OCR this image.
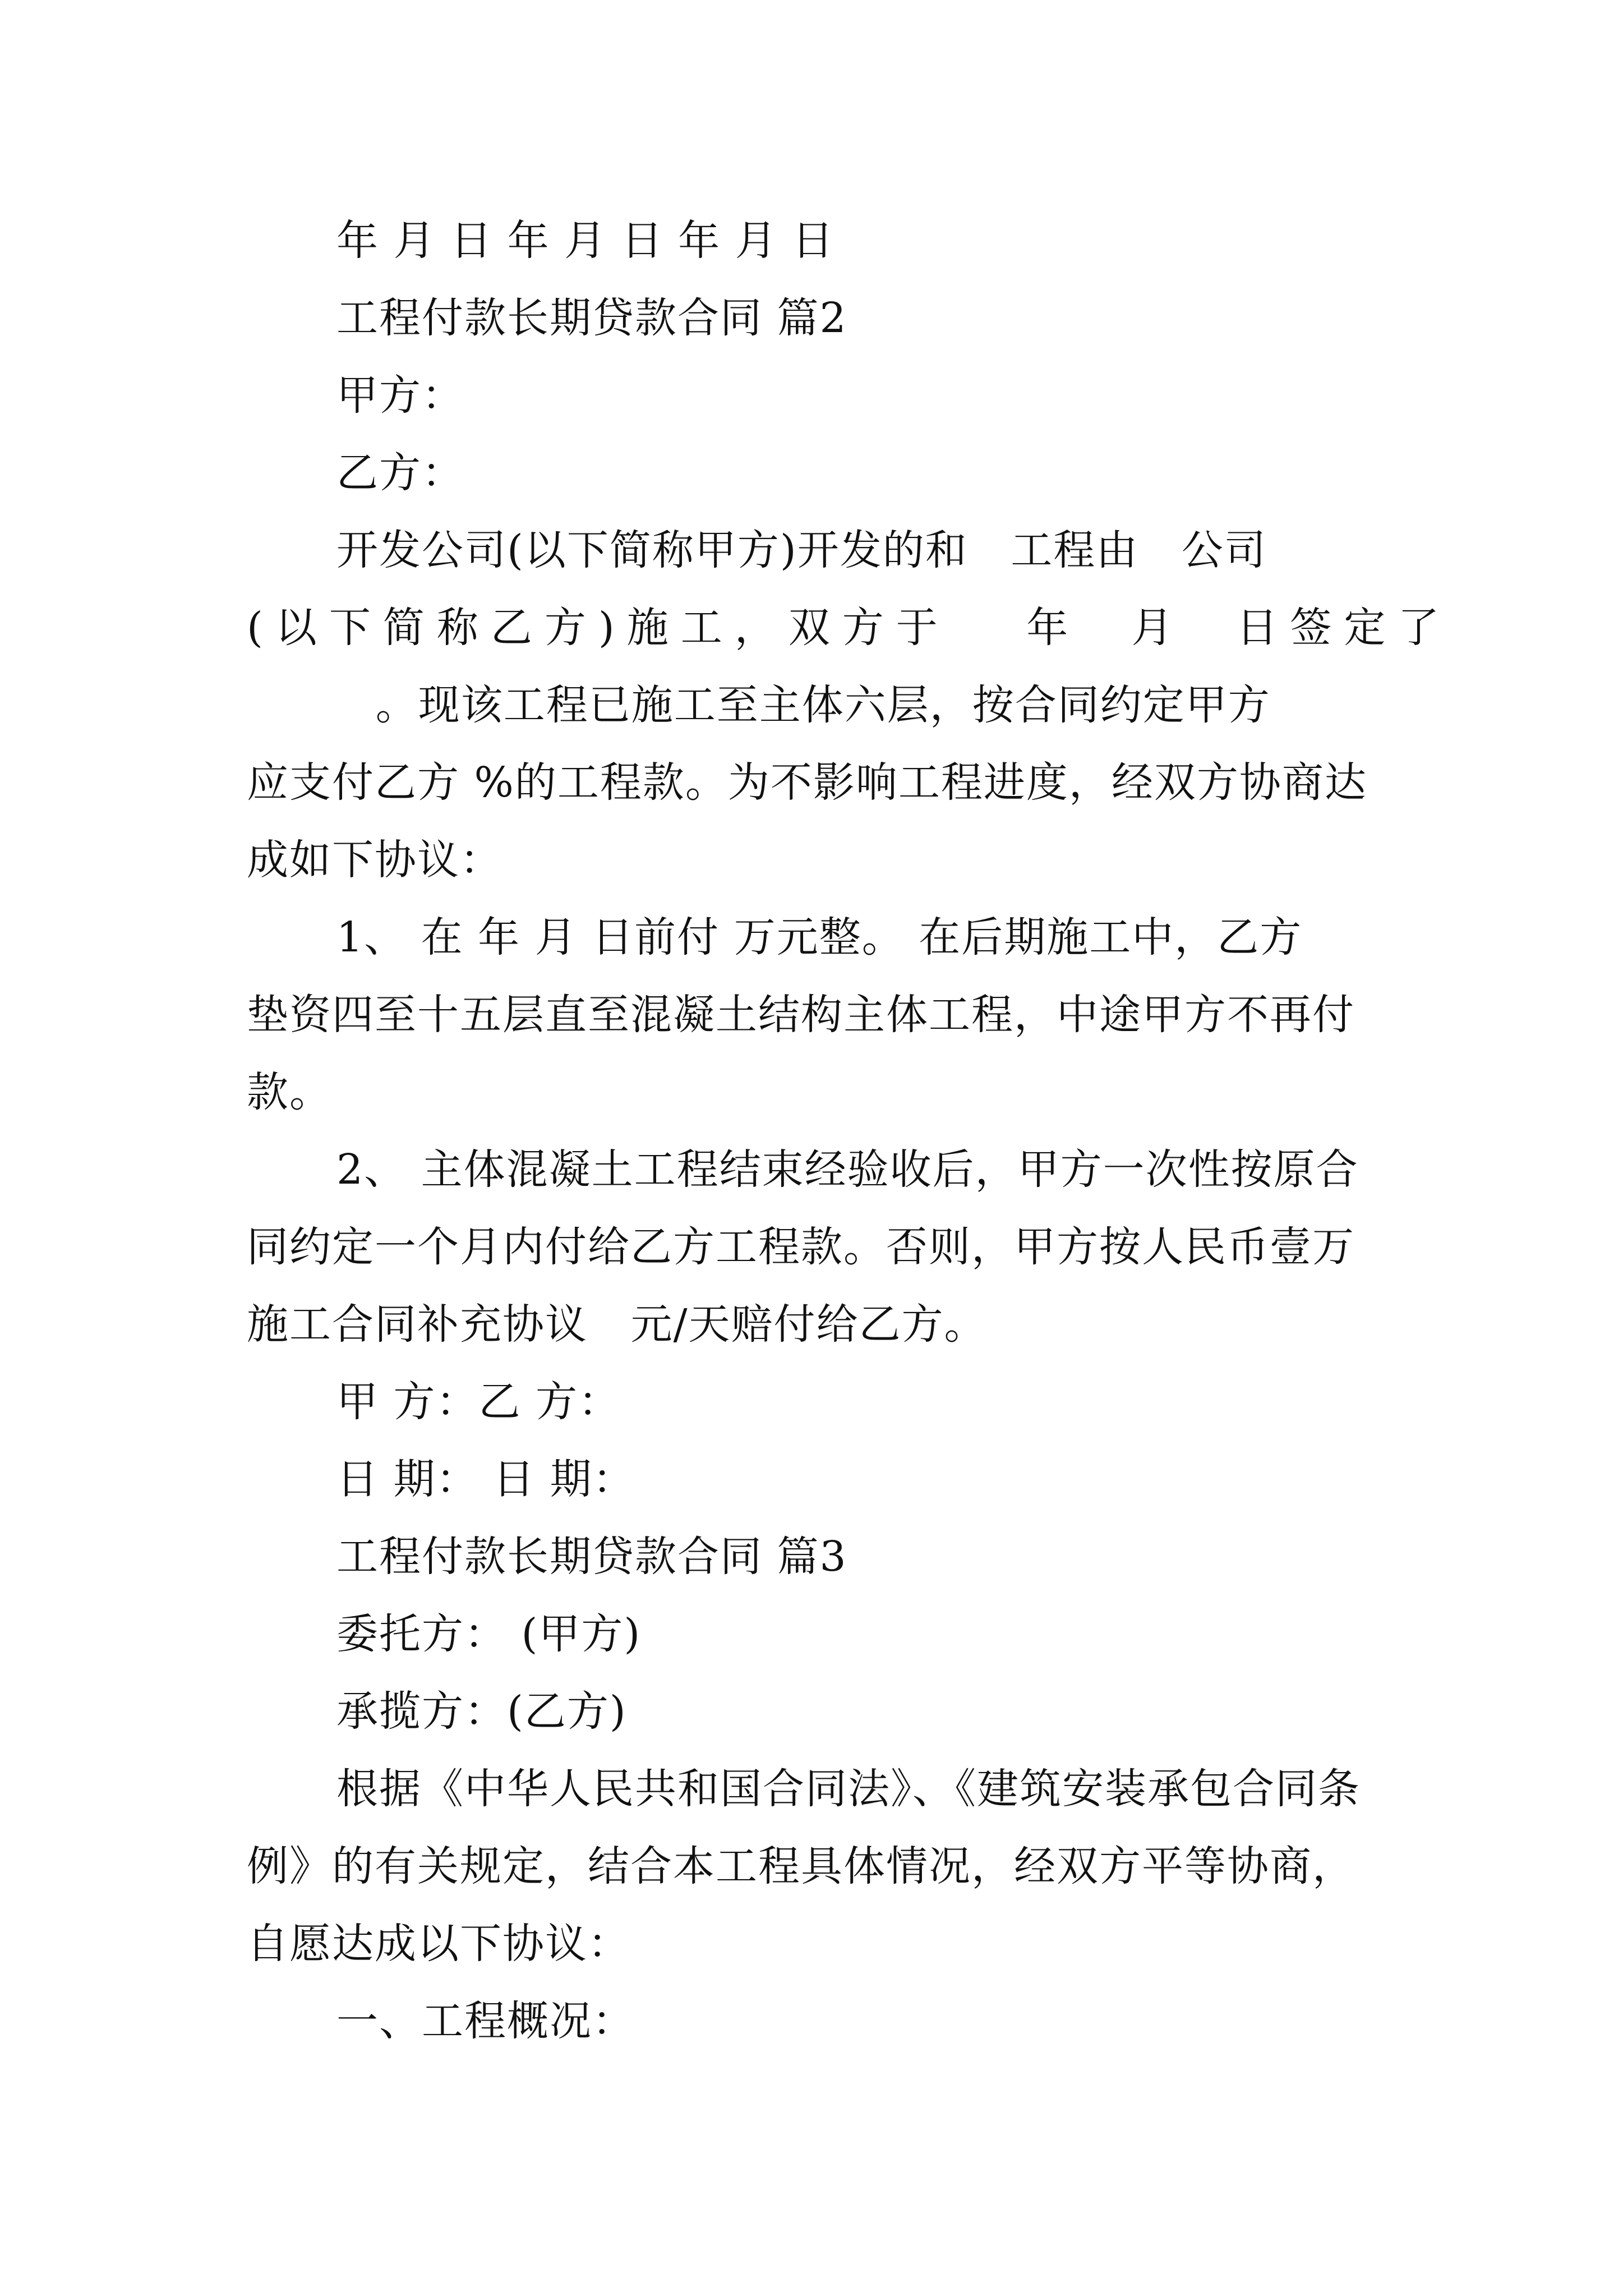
年 月 日 年 月 日 年 月 日
工程付款长期贷款合同 篇2
甲方：
乙方：
开发公司(以下简称甲方)开发的和   工程由   公司
(以下简称乙方)施工，双方于   年  月  日签定了
。现该工程已施工至主体六层，按合同约定甲方
应支付乙方 %的工程款。为不影响工程进度，经双方协商达
成如下协议：
1、 在 年 月 日前付 万元整。 在后期施工中，乙方
垫资四至十五层直至混凝土结构主体工程，中途甲方不再付
款。
2、 主体混凝土工程结束经验收后，甲方一次性按原合
同约定一个月内付给乙方工程款。否则，甲方按人民币壹万
施工合同补充协议   元/天赔付给乙方。
甲 方：乙 方：
日 期： 日 期：
工程付款长期贷款合同 篇3
委托方： (甲方)
承揽方：(乙方)
根据《中华人民共和国合同法》、《建筑安装承包合同条
例》的有关规定，结合本工程具体情况，经双方平等协商，
自愿达成以下协议：
一、工程概况：
